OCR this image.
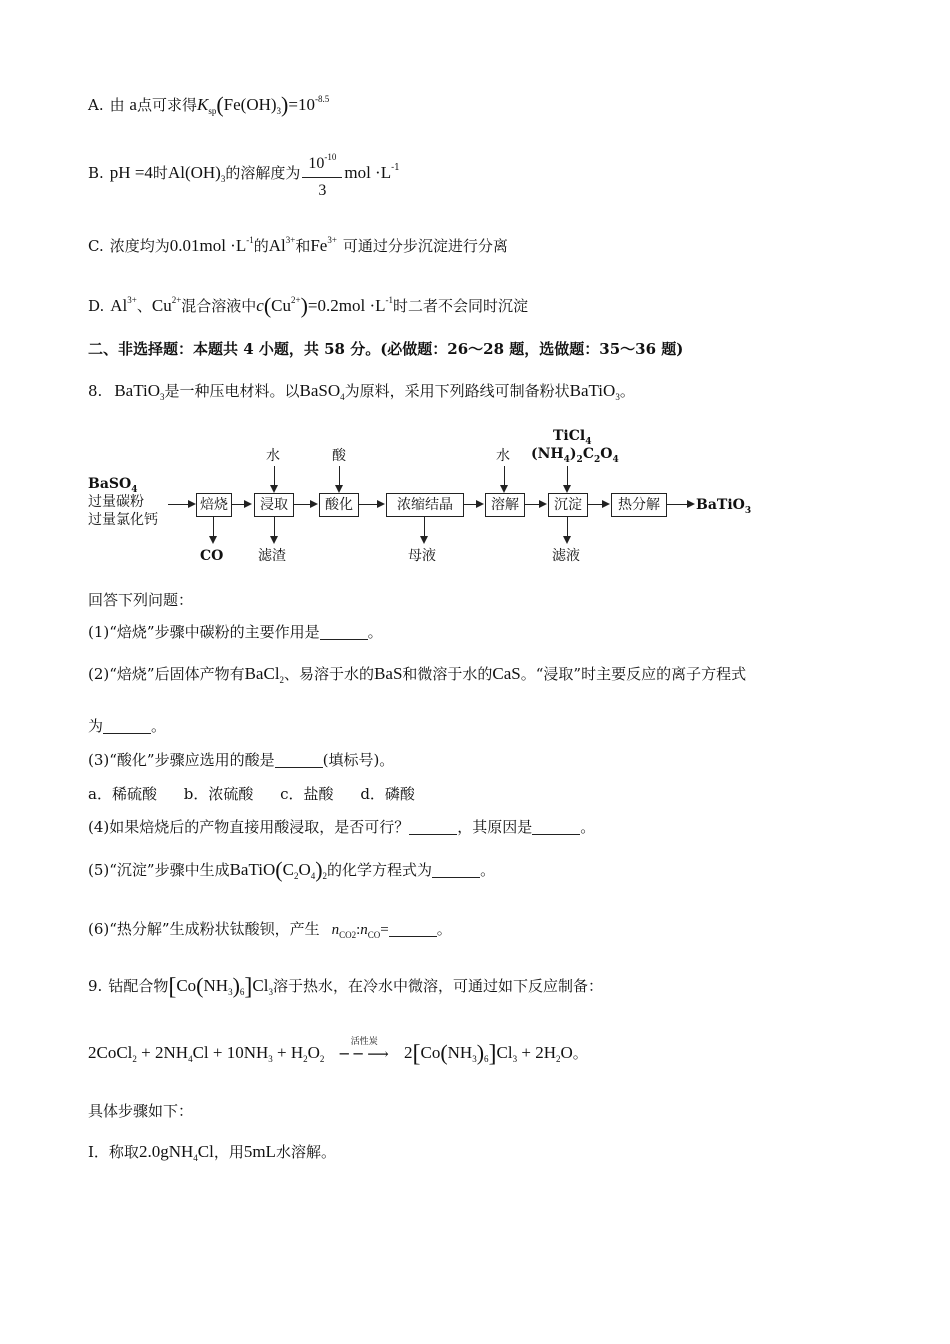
A. 由 a点可求得$K_{sp}(Fe(OH)_3)=10^{-8.5}$
B. pH =4时$Al(OH)_3$的溶解度为 $\frac{10^{-10}}{3}$ mol $\cdot L^{-1}$
C. 浓度均为$0.01mol \cdot L^{-1}$的$Al^{3+}$和$Fe^{3+}$ 可通过分步沉淀进行分离
D. $Al^{3+}$、$Cu^{2+}$混合溶液中$c(Cu^{2+})=0.2mol \cdot L^{-1}$时二者不会同时沉淀
二、非选择题：本题共 4 小题，共 58 分。(必做题：26～28 题，选做题：35～36 题)
8. BaTiO$_3$是一种压电材料。以BaSO$_4$为原料，采用下列路线可制备粉状BaTiO$_3$。
BaSO$_4$
过量碳粉
过量氯化钙
焙烧	浸取	酸化	浓缩结晶	溶解	沉淀	热分解	BaTiO$_3$
水	酸	水
TiCl$_4$
$(NH_4)_2C_2O_4$
CO 滤渣	母液	滤液
回答下列问题：
(1)“焙烧”步骤中碳粉的主要作用是	。
(2)“焙烧”后固体产物有BaCl$_2$、易溶于水的BaS和微溶于水的CaS。“浸取”时主要反应的离子方程式
为	。
(3)“酸化”步骤应选用的酸是	(填标号)。
a．稀硫酸 b．浓硫酸 c．盐酸 d．磷酸
(4)如果焙烧后的产物直接用酸浸取，是否可行？	，其原因是	。
(5)“沉淀”步骤中生成$BaTiO(C_2O_4)_2$的化学方程式为	。
(6)“热分解”生成粉状钛酸钡，产生 $n_{CO2}:n_{CO}=$	。
9. 钴配合物$[Co(NH_3)_6]Cl_3$溶于热水，在冷水中微溶，可通过如下反应制备：
2CoCl$_2$ + $2NH_4Cl + 10NH_3 + H_2O_2$
活性炭
─ ─ ⟶ $2[Co(NH_3)_6]Cl_3 + 2H_2O$。
具体步骤如下：
Ⅰ．称取2.0gNH$_4$Cl，用5mL水溶解。
